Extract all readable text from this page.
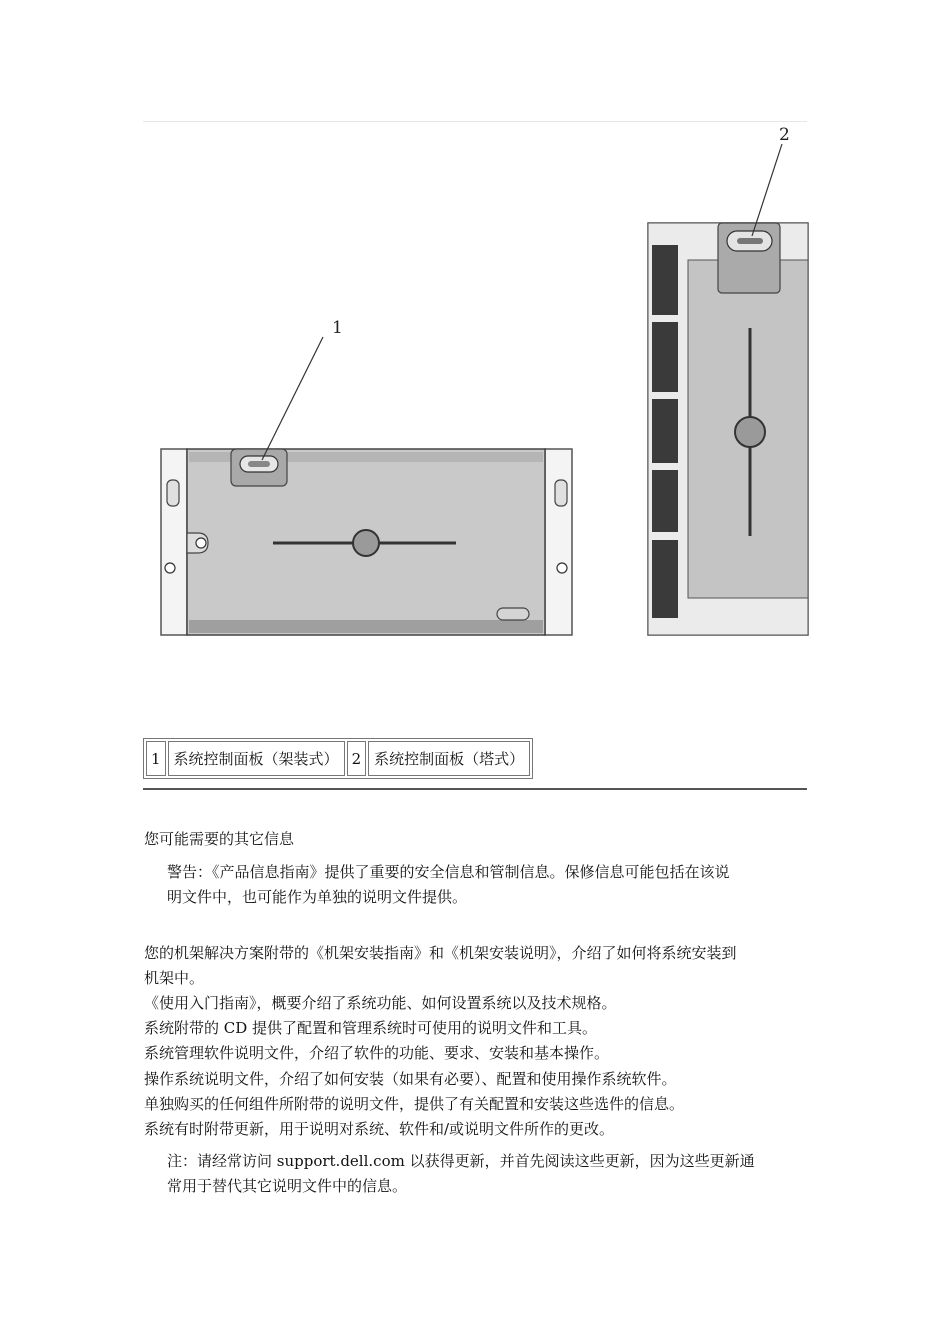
1
2
1	系统控制面板（架装式）	2	系统控制面板（塔式）
您可能需要的其它信息
警告：《产品信息指南》提供了重要的安全信息和管制信息。保修信息可能包括在该说
明文件中，也可能作为单独的说明文件提供。
您的机架解决方案附带的《机架安装指南》和《机架安装说明》，介绍了如何将系统安装到
机架中。
《使用入门指南》，概要介绍了系统功能、如何设置系统以及技术规格。
系统附带的 CD 提供了配置和管理系统时可使用的说明文件和工具。
系统管理软件说明文件，介绍了软件的功能、要求、安装和基本操作。
操作系统说明文件，介绍了如何安装（如果有必要）、配置和使用操作系统软件。
单独购买的任何组件所附带的说明文件，提供了有关配置和安装这些选件的信息。
系统有时附带更新，用于说明对系统、软件和/或说明文件所作的更改。
注：请经常访问 support.dell.com 以获得更新，并首先阅读这些更新，因为这些更新通
常用于替代其它说明文件中的信息。
